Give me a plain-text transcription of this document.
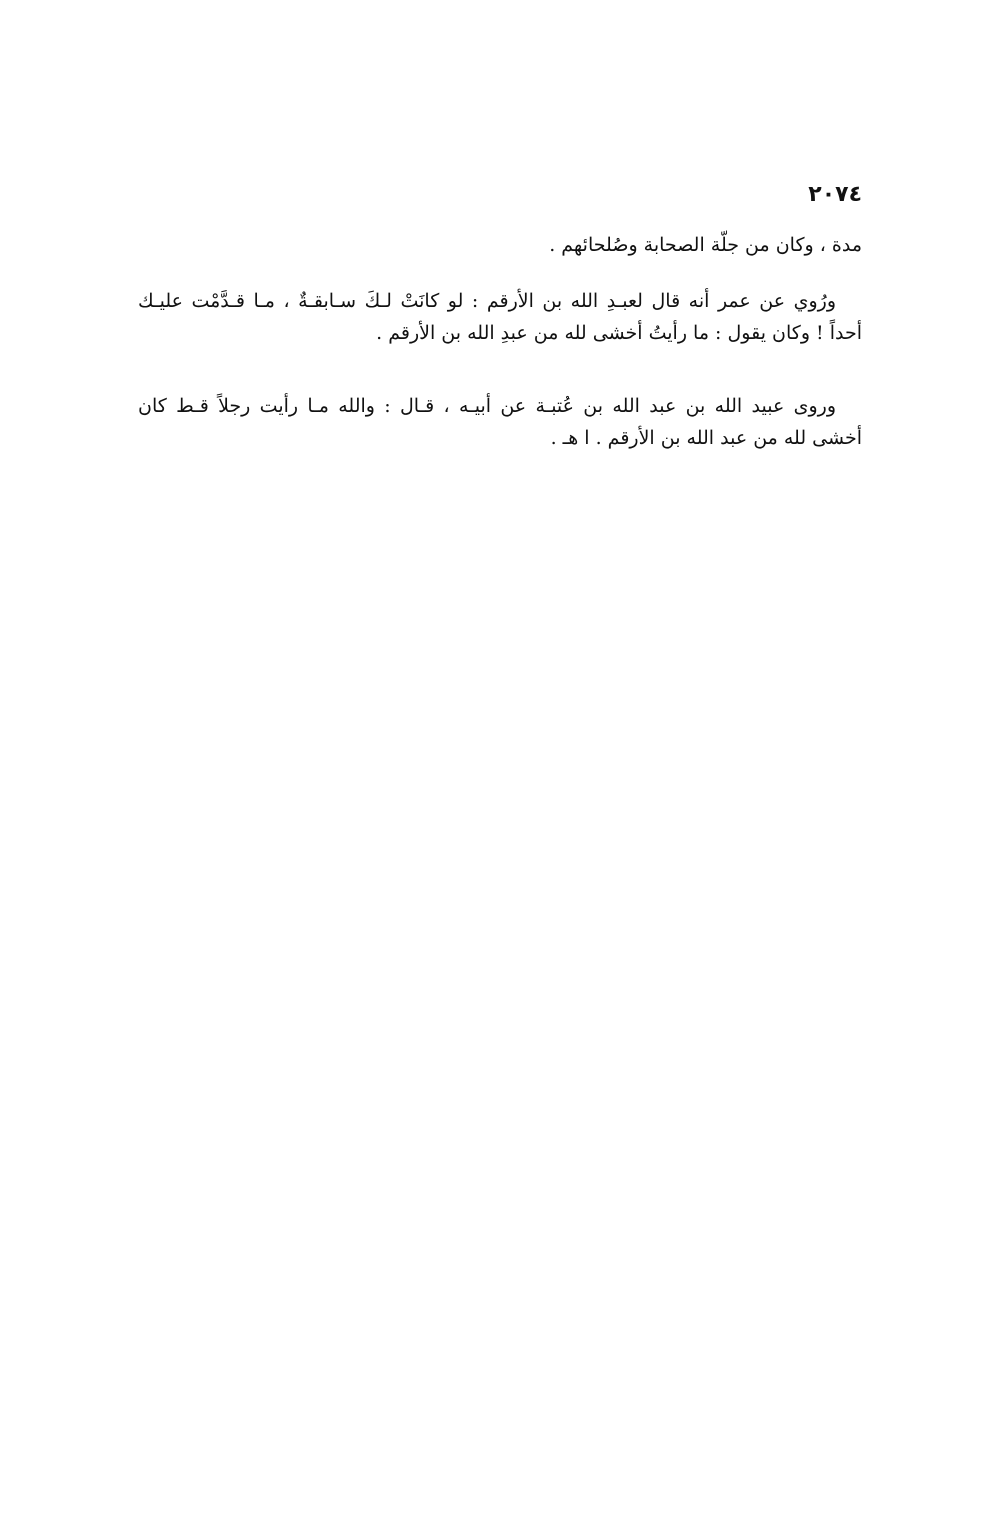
٢٠٧٤
مدة ، وكان من جلّة الصحابة وصُلحائهم .
ورُوي عن عمر أنه قال لعبـدِ الله بن الأرقم : لو كانَتْ لـكَ سـابقـةٌ ، مـا قـدَّمْت عليـك
أحداً ! وكان يقول : ما رأيتُ أخشى لله من عبدِ الله بن الأرقم .
وروى عبيد الله بن عبد الله بن عُتبـة عن أبيـه ، قـال : والله مـا رأيت رجلاً قـط كان
أخشى لله من عبد الله بن الأرقم . ا هـ .
